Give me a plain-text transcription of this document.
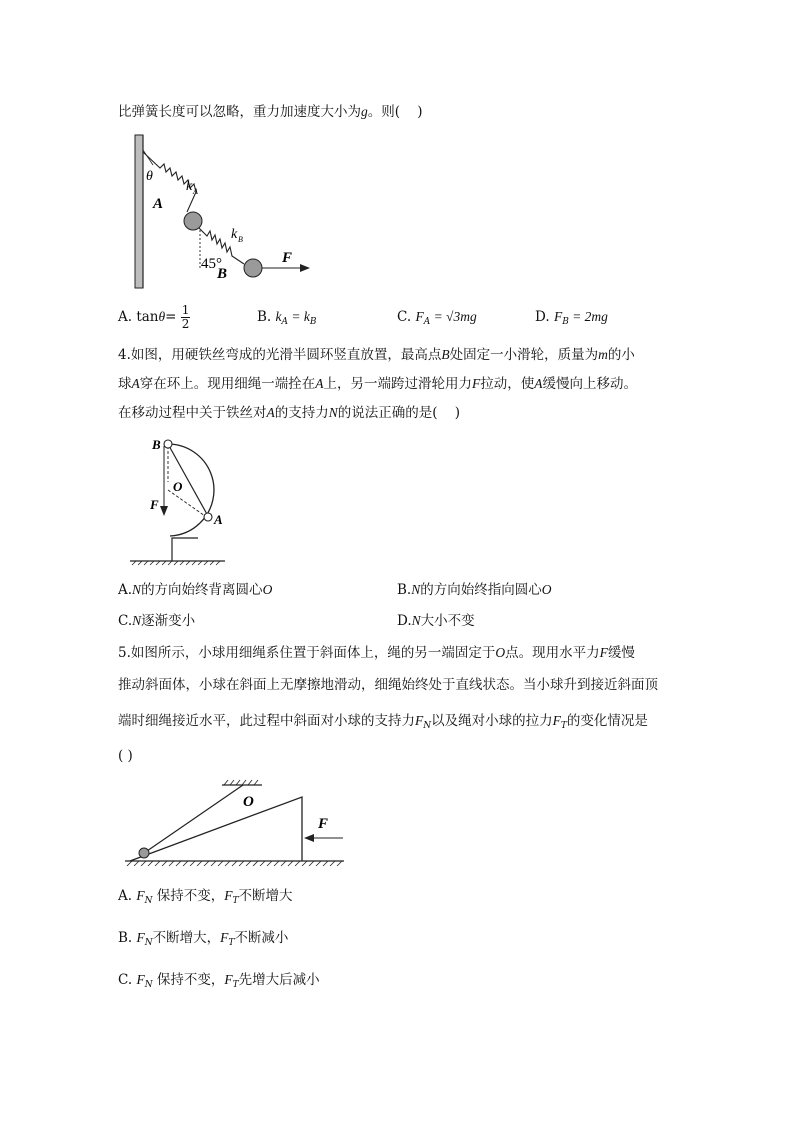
比弹簧长度可以忽略，重力加速度大小为g。则( )
θ
k A
A
k B
45°
B
F
A. $\tan\theta= \frac{1}{2}$	B. $k_A = k_B$	C. $F_A = √3mg$	D. $F_B = 2mg$
4.如图，用硬铁丝弯成的光滑半圆环竖直放置，最高点B处固定一小滑轮，质量为m的小
球A穿在环上。现用细绳一端拴在A上，另一端跨过滑轮用力F拉动，使A缓慢向上移动。
在移动过程中关于铁丝对A的支持力N的说法正确的是( )
B
O
F
A
A.N的方向始终背离圆心O	B.N的方向始终指向圆心O
C.N逐渐变小	D.N大小不变
5.如图所示，小球用细绳系住置于斜面体上，绳的另一端固定于O点。现用水平力F缓慢
推动斜面体，小球在斜面上无摩擦地滑动，细绳始终处于直线状态。当小球升到接近斜面顶
端时细绳接近水平，此过程中斜面对小球的支持力$F_N$以及绳对小球的拉力$F_T$的变化情况是
( )
O
F
A. $F_N$ 保持不变，$F_T$不断增大
B. $F_N$不断增大，$F_T$不断减小
C. $F_N$ 保持不变，$F_T$先增大后减小
